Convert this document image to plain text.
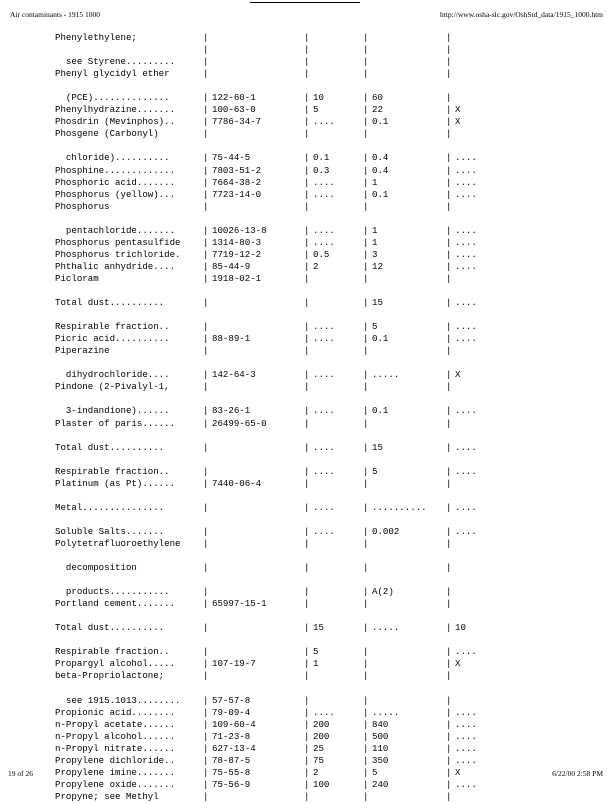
Air contaminants - 1915 1000	http://www.osha-slc.gov/OshStd_data/1915_1000.htm
Phenylethylene;	|	|	|	|
|	|	|	|
see Styrene.........	|	|	|	|
Phenyl glycidyl ether	|	|	|	|

(PCE)..............	| 122-60-1	| 10	| 60	|
Phenylhydrazine.......	| 100-63-0	| 5	| 22	| X
Phosdrin (Mevinphos)..	| 7786-34-7	| ....	| 0.1	| X
Phosgene (Carbonyl)	|	|	|	|

chloride)..........	| 75-44-5	| 0.1	| 0.4	| ....
Phosphine.............	| 7803-51-2	| 0.3	| 0.4	| ....
Phosphoric acid.......	| 7664-38-2	| ....	| 1	| ....
Phosphorus (yellow)...	| 7723-14-0	| ....	| 0.1	| ....
Phosphorus	|	|	|	|

pentachloride.......	| 10026-13-8	| ....	| 1	| ....
Phosphorus pentasulfide | 1314-80-3	| ....	| 1	| ....
Phosphorus trichloride. | 7719-12-2	| 0.5	| 3	| ....
Phthalic anhydride....	| 85-44-9	| 2	| 12	| ....
Picloram	| 1918-02-1	|	|	|

Total dust..........	|	|	| 15	| ....

Respirable fraction..	|	| ....	| 5	| ....
Picric acid..........	| 88-89-1	| ....	| 0.1	| ....
Piperazine	|	|	|	|

dihydrochloride....	| 142-64-3	| ....	| .....	| X
Pindone (2-Pivalyl-1,	|	|	|	|

3-indandione)......	| 83-26-1	| ....	| 0.1	| ....
Plaster of paris......	| 26499-65-0	|	|	|

Total dust..........	|	| ....	| 15	| ....

Respirable fraction..	|	| ....	| 5	| ....
Platinum (as Pt)......	| 7440-06-4	|	|	|

Metal...............	|	| ....	| .......... | ....

Soluble Salts.......	|	| ....	| 0.002	| ....
Polytetrafluoroethylene |	|	|	|

decomposition	|	|	|	|

products...........	|	|	| A(2)	|
Portland cement.......	| 65997-15-1	|	|	|

Total dust..........	|	| 15	| .....	| 10

Respirable fraction..	|	| 5	|	| ....
Propargyl alcohol.....	| 107-19-7	| 1	|	| X
beta-Propriolactone;	|	|	|	|

see 1915.1013........ | 57-57-8	|	|	|
Propionic acid........	| 79-09-4	| ....	| .....	| ....
n-Propyl acetate......	| 109-60-4	| 200	| 840	| ....
n-Propyl alcohol......	| 71-23-8	| 200	| 500	| ....
n-Propyl nitrate......	| 627-13-4	| 25	| 110	| ....
Propylene dichloride..	| 78-87-5	| 75	| 350	| ....
Propylene imine.......	| 75-55-8	| 2	| 5	| X
Propylene oxide.......	| 75-56-9	| 100	| 240	| ....
Propyne; see Methyl	|	|	|	|
19 of 26	6/22/00 2:58 PM
